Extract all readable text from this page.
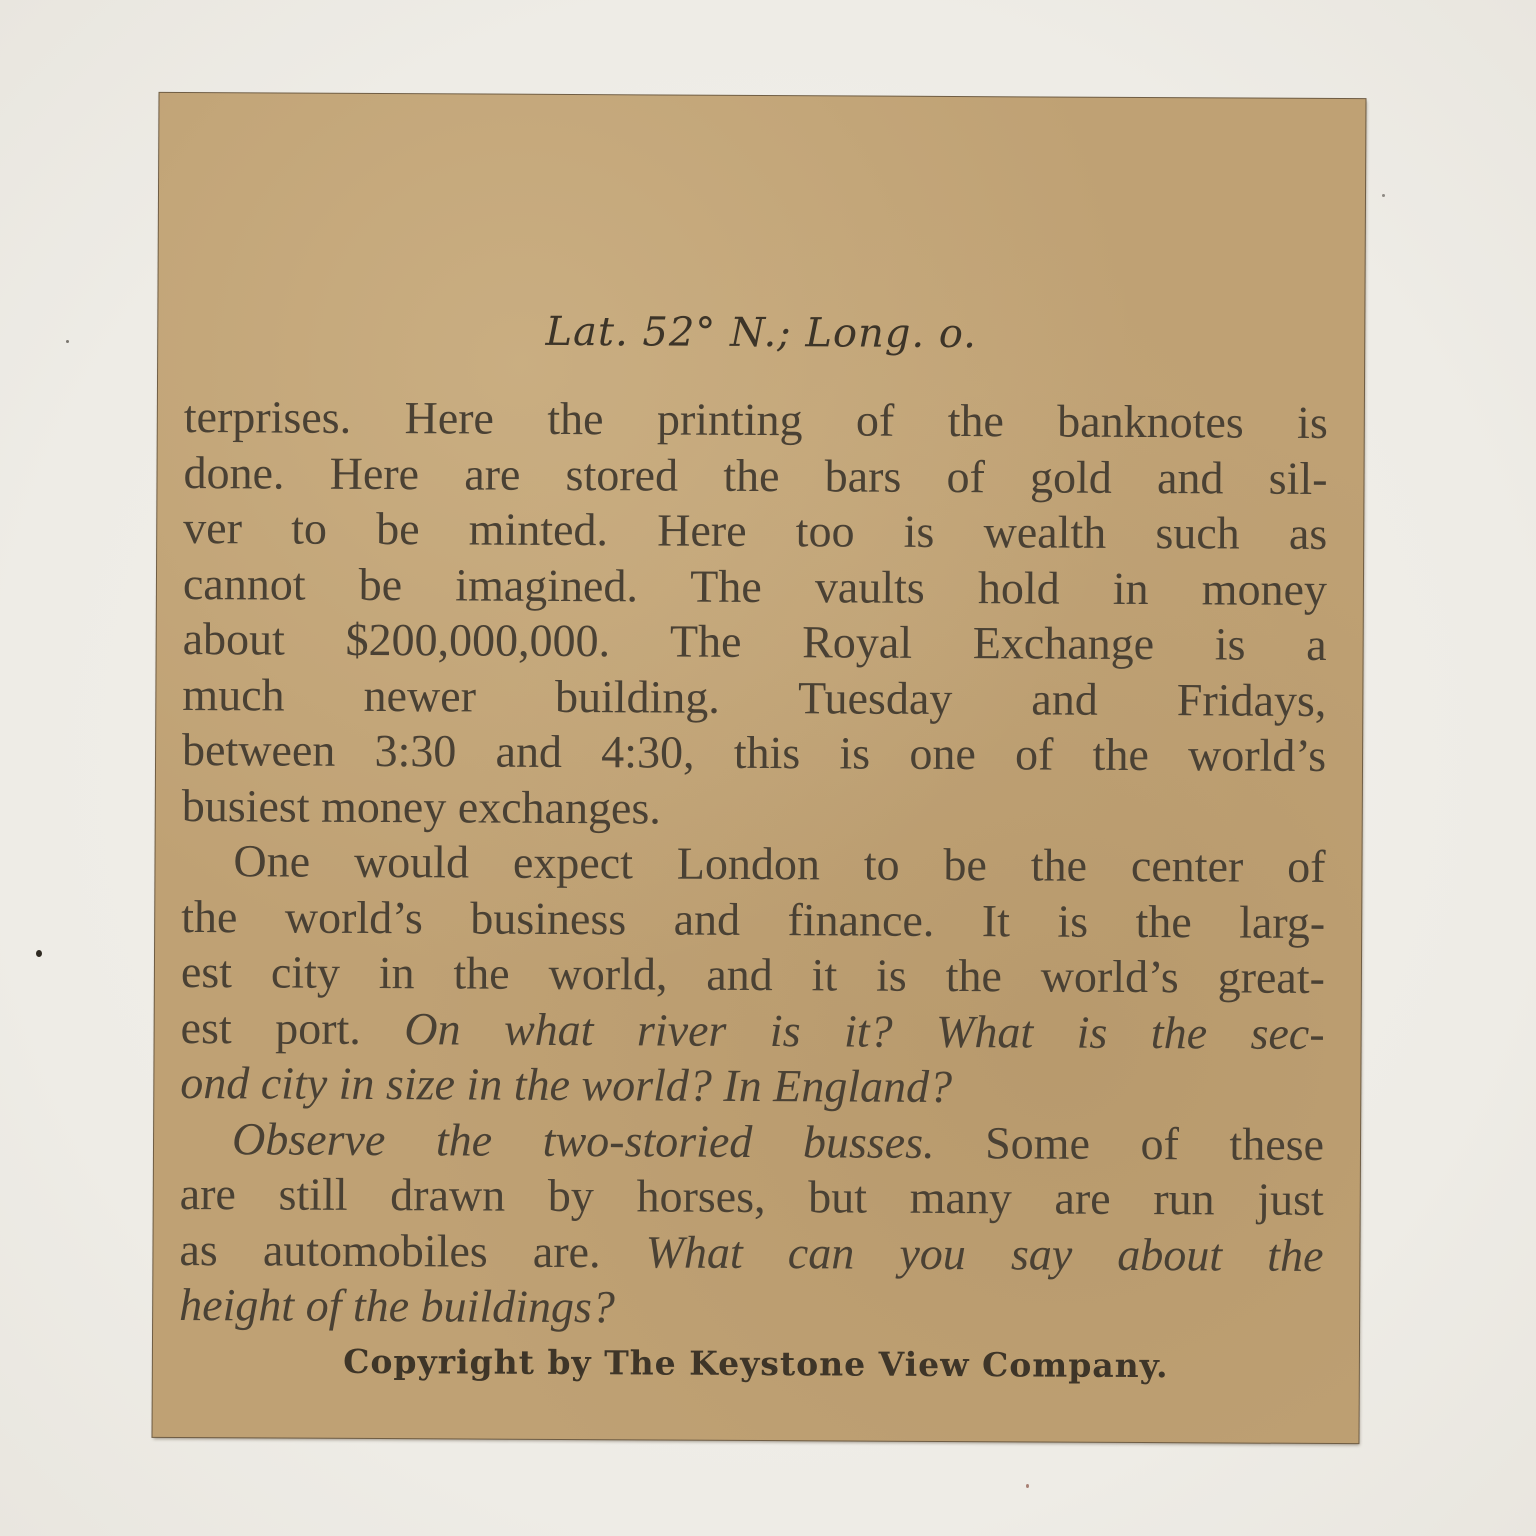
Lat. 52° N.; Long. o.
terprises. Here the printing of the banknotes is
done. Here are stored the bars of gold and sil-
ver to be minted. Here too is wealth such as
cannot be imagined. The vaults hold in money
about $200,000,000. The Royal Exchange is a
much newer building. Tuesday and Fridays,
between 3:30 and 4:30, this is one of the world’s
busiest money exchanges.
One would expect London to be the center of
the world’s business and finance. It is the larg-
est city in the world, and it is the world’s great-
est port. On what river is it? What is the sec-
ond city in size in the world? In England?
Observe the two-storied busses. Some of these
are still drawn by horses, but many are run just
as automobiles are. What can you say about the
height of the buildings?
Copyright by The Keystone View Company.
